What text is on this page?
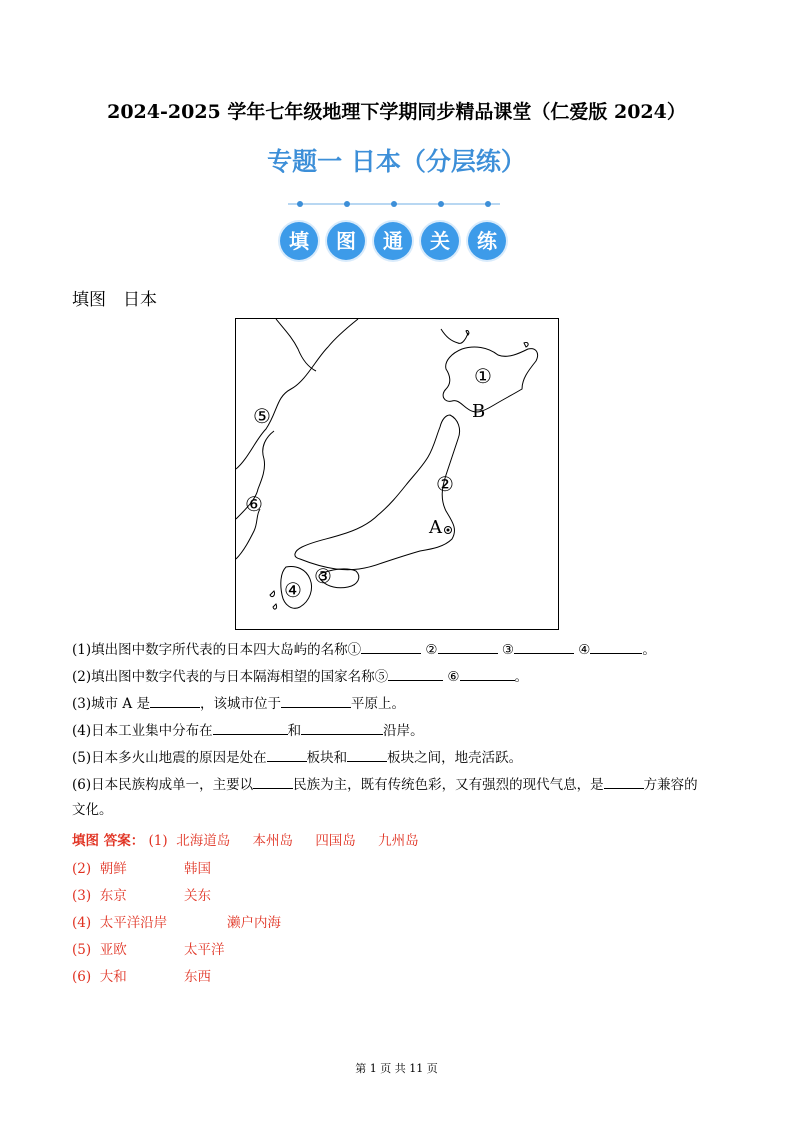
2024-2025 学年七年级地理下学期同步精品课堂（仁爱版 2024）
专题一 日本（分层练）
填	图	通	关	练
填图　日本
①
②
③
④
⑤
⑥
A
B
(1)填出图中数字所代表的日本四大岛屿的名称①	②	③	④	。
(2)填出图中数字代表的与日本隔海相望的国家名称⑤	⑥	。
(3)城市 A 是	，该城市位于	平原上。
(4)日本工业集中分布在	和	沿岸。
(5)日本多火山地震的原因是处在	板块和	板块之间，地壳活跃。
(6)日本民族构成单一，主要以	民族为主，既有传统色彩，又有强烈的现代气息，是	方兼容的
文化。
填图 答案： (1) 北海道岛 本州岛 四国岛 九州岛
(2) 朝鲜	韩国
(3) 东京	关东
(4) 太平洋沿岸	濑户内海
(5) 亚欧	太平洋
(6) 大和	东西
第 1 页 共 11 页
